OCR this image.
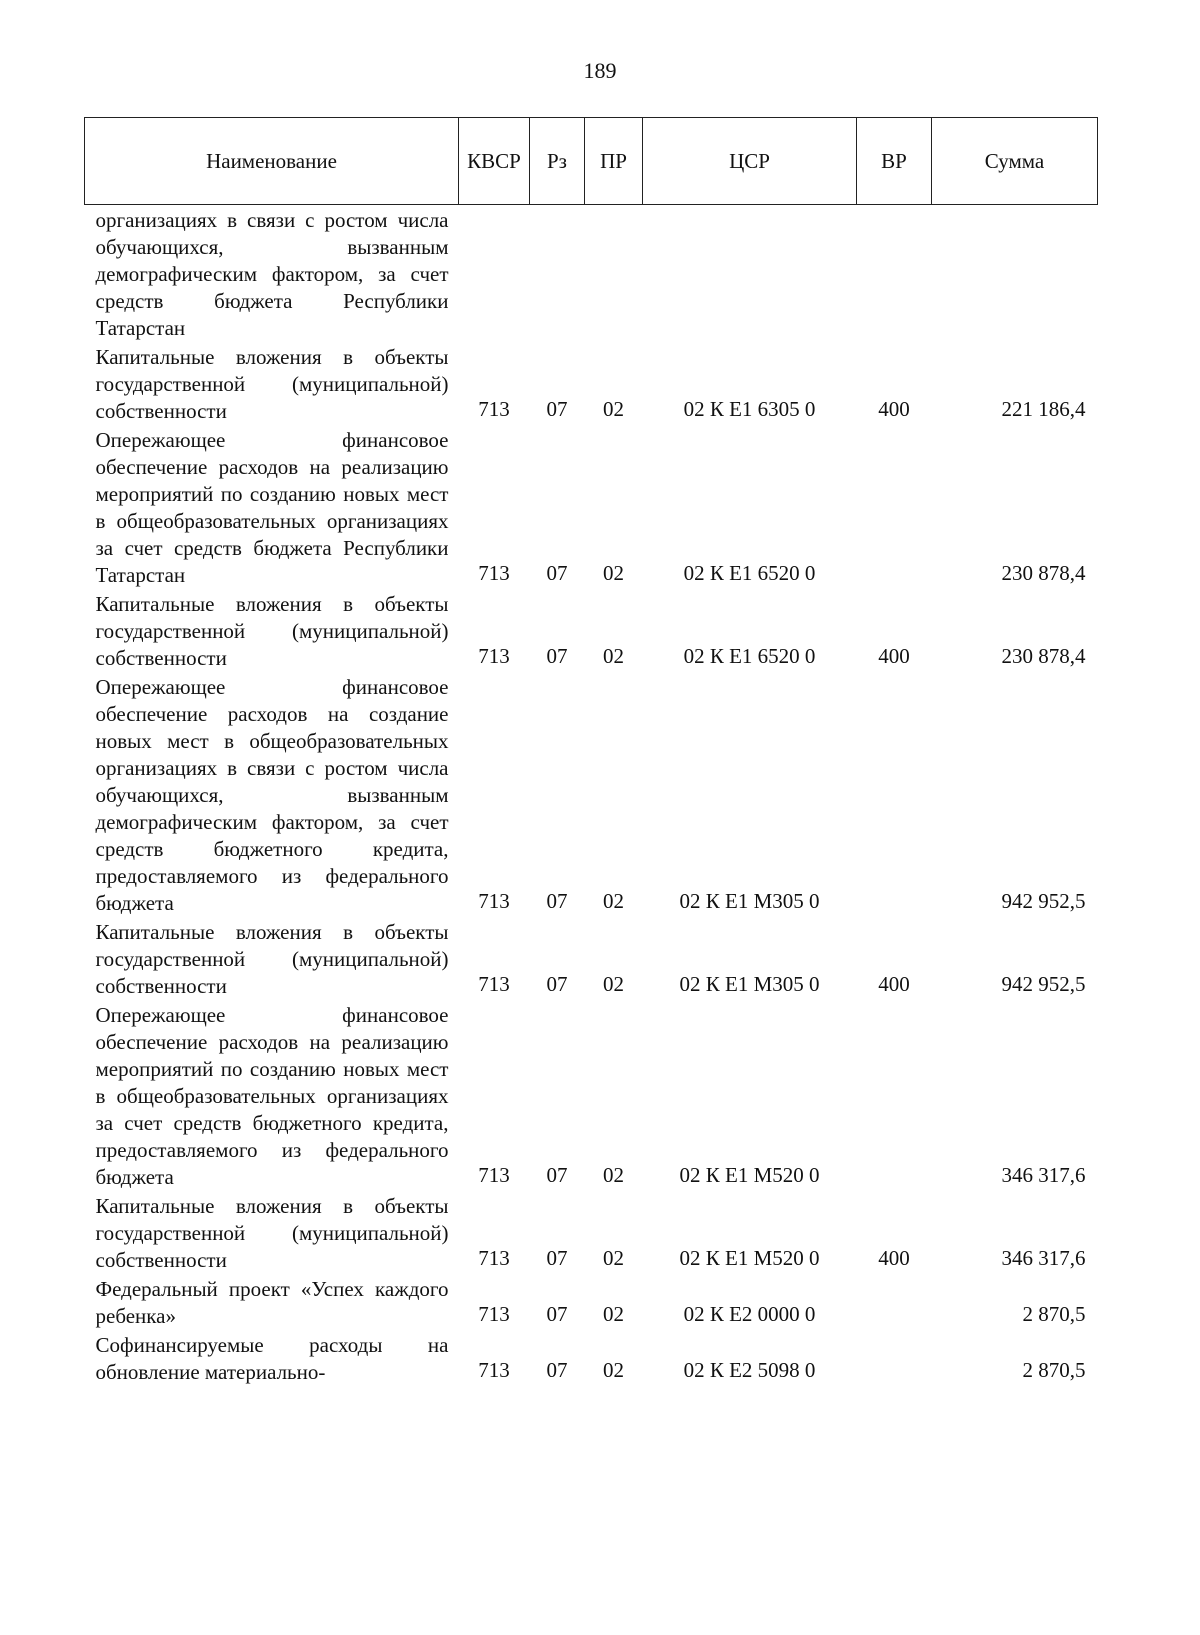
189
Наименование	КВСР	Рз	ПР	ЦСР	ВР	Сумма
организациях в связи с ростом числа обучающихся, вызванным демографическим фактором, за счет средств бюджета Республики Татарстан						
Капитальные вложения в объекты государственной (муниципальной) собственности	713	07	02	02 К Е1 6305 0	400	221 186,4
Опережающее финансовое обеспечение расходов на реализацию мероприятий по созданию новых мест в общеобразовательных организациях за счет средств бюджета Республики Татарстан	713	07	02	02 К Е1 6520 0		230 878,4
Капитальные вложения в объекты государственной (муниципальной) собственности	713	07	02	02 К Е1 6520 0	400	230 878,4
Опережающее финансовое обеспечение расходов на создание новых мест в общеобразовательных организациях в связи с ростом числа обучающихся, вызванным демографическим фактором, за счет средств бюджетного кредита, предоставляемого из федерального бюджета	713	07	02	02 К Е1 М305 0		942 952,5
Капитальные вложения в объекты государственной (муниципальной) собственности	713	07	02	02 К Е1 М305 0	400	942 952,5
Опережающее финансовое обеспечение расходов на реализацию мероприятий по созданию новых мест в общеобразовательных организациях за счет средств бюджетного кредита, предоставляемого из федерального бюджета	713	07	02	02 К Е1 М520 0		346 317,6
Капитальные вложения в объекты государственной (муниципальной) собственности	713	07	02	02 К Е1 М520 0	400	346 317,6
Федеральный проект «Успех каждого ребенка»	713	07	02	02 К Е2 0000 0		2 870,5
Софинансируемые расходы на обновление материально-	713	07	02	02 К Е2 5098 0		2 870,5
